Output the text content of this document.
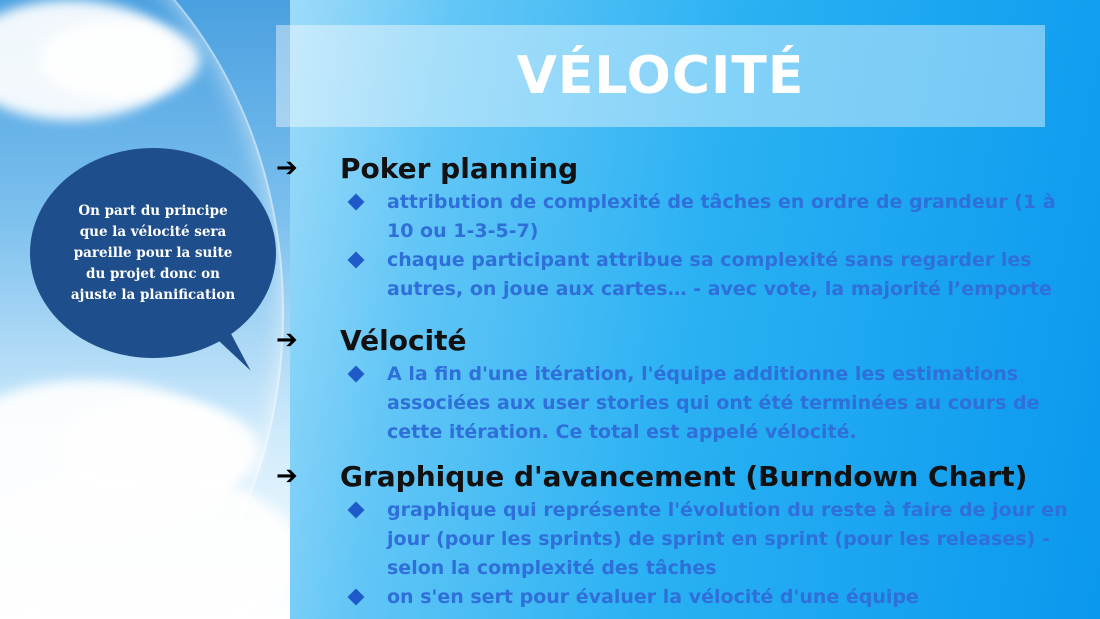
VÉLOCITÉ

On part du principe que la vélocité sera pareille pour la suite du projet donc on ajuste la planification

➔	Poker planning
attribution de complexité de tâches en ordre de grandeur (1 à 10 ou 1-3-5-7)
chaque participant attribue sa complexité sans regarder les autres, on joue aux cartes… - avec vote, la majorité l’emporte
➔	Vélocité
A la fin d'une itération, l'équipe additionne les estimations associées aux user stories qui ont été terminées au cours de cette itération. Ce total est appelé vélocité.
➔	Graphique d'avancement (Burndown Chart)
graphique qui représente l'évolution du reste à faire de jour en jour (pour les sprints) de sprint en sprint (pour les releases) - selon la complexité des tâches
on s'en sert pour évaluer la vélocité d'une équipe
